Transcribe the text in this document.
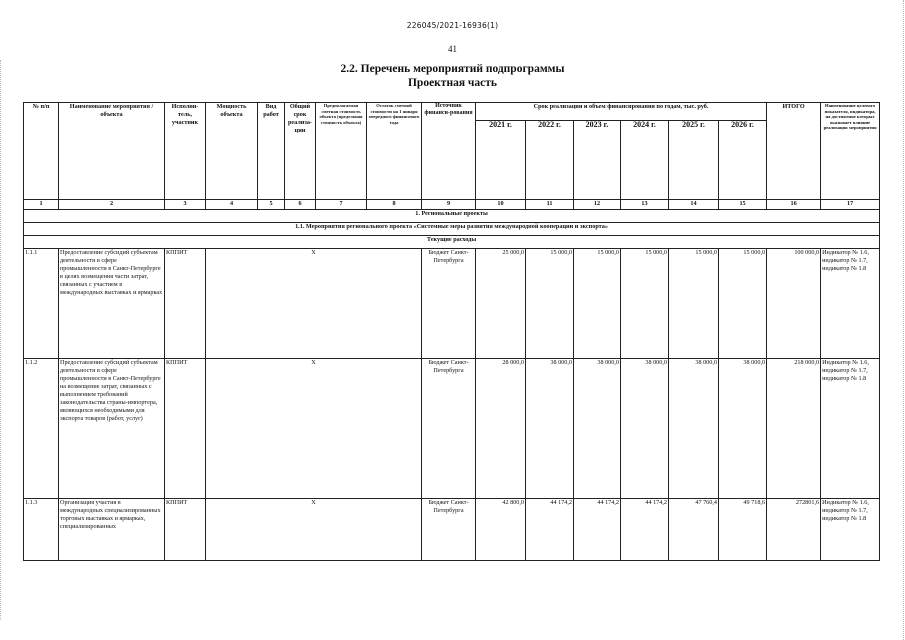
226045/2021-16936(1)
41
2.2. Перечень мероприятий подпрограммы
Проектная часть
№ п/п	Наименование мероприятия / объекта	Исполни-тель, участник	Мощность объекта	Вид работ	Общий срок реализа-ции	Предполагаемая сметная стоимость объекта (предельная стоимость объекта)	Остаток сметной стоимости на 1 января очередного финансового года	Источник финанси-рования	Срок реализации и объем финансирования по годам, тыс. руб.						ИТОГО	Наименование целевого показателя, индикатора, на достижение которых оказывает влияние реализация мероприятия
									2021 г.	2022 г.	2023 г.	2024 г.	2025 г.	2026 г.		
1	2	3	4	5	6	7	8	9	10	11	12	13	14	15	16	17
1. Региональные проекты																
1.1. Мероприятия регионального проекта «Системные меры развития международной кооперации и экспорта»																
Текущие расходы																
1.1.1	Предоставление субсидий субъектам деятельности в сфере промышленности в Санкт-Петербурге в целях возмещения части затрат, связанных с участием в международных выставках и ярмарках	КППИТ	Х					Бюджет Санкт-Петербурга	25 000,0	15 000,0	15 000,0	15 000,0	15 000,0	15 000,0	100 000,0	Индикатор № 1.6, индикатор № 1.7, индикатор № 1.8
1.1.2	Предоставление субсидий субъектам деятельности в сфере промышленности в Санкт-Петербурге на возмещение затрат, связанных с выполнением требований законодательства страны-импортера, являющихся необходимыми для экспорта товаров (работ, услуг)	КППИТ	Х					Бюджет Санкт-Петербурга	28 000,0	38 000,0	38 000,0	38 000,0	38 000,0	38 000,0	218 000,0	Индикатор № 1.6, индикатор № 1.7, индикатор № 1.8
1.1.3	Организация участия в международных специализированных торговых выставках и ярмарках, специализированных	КППИТ	Х					Бюджет Санкт-Петербурга	42 800,0	44 174,2	44 174,2	44 174,2	47 760,4	49 718,6	272801,6	Индикатор № 1.6, индикатор № 1.7, индикатор № 1.8
